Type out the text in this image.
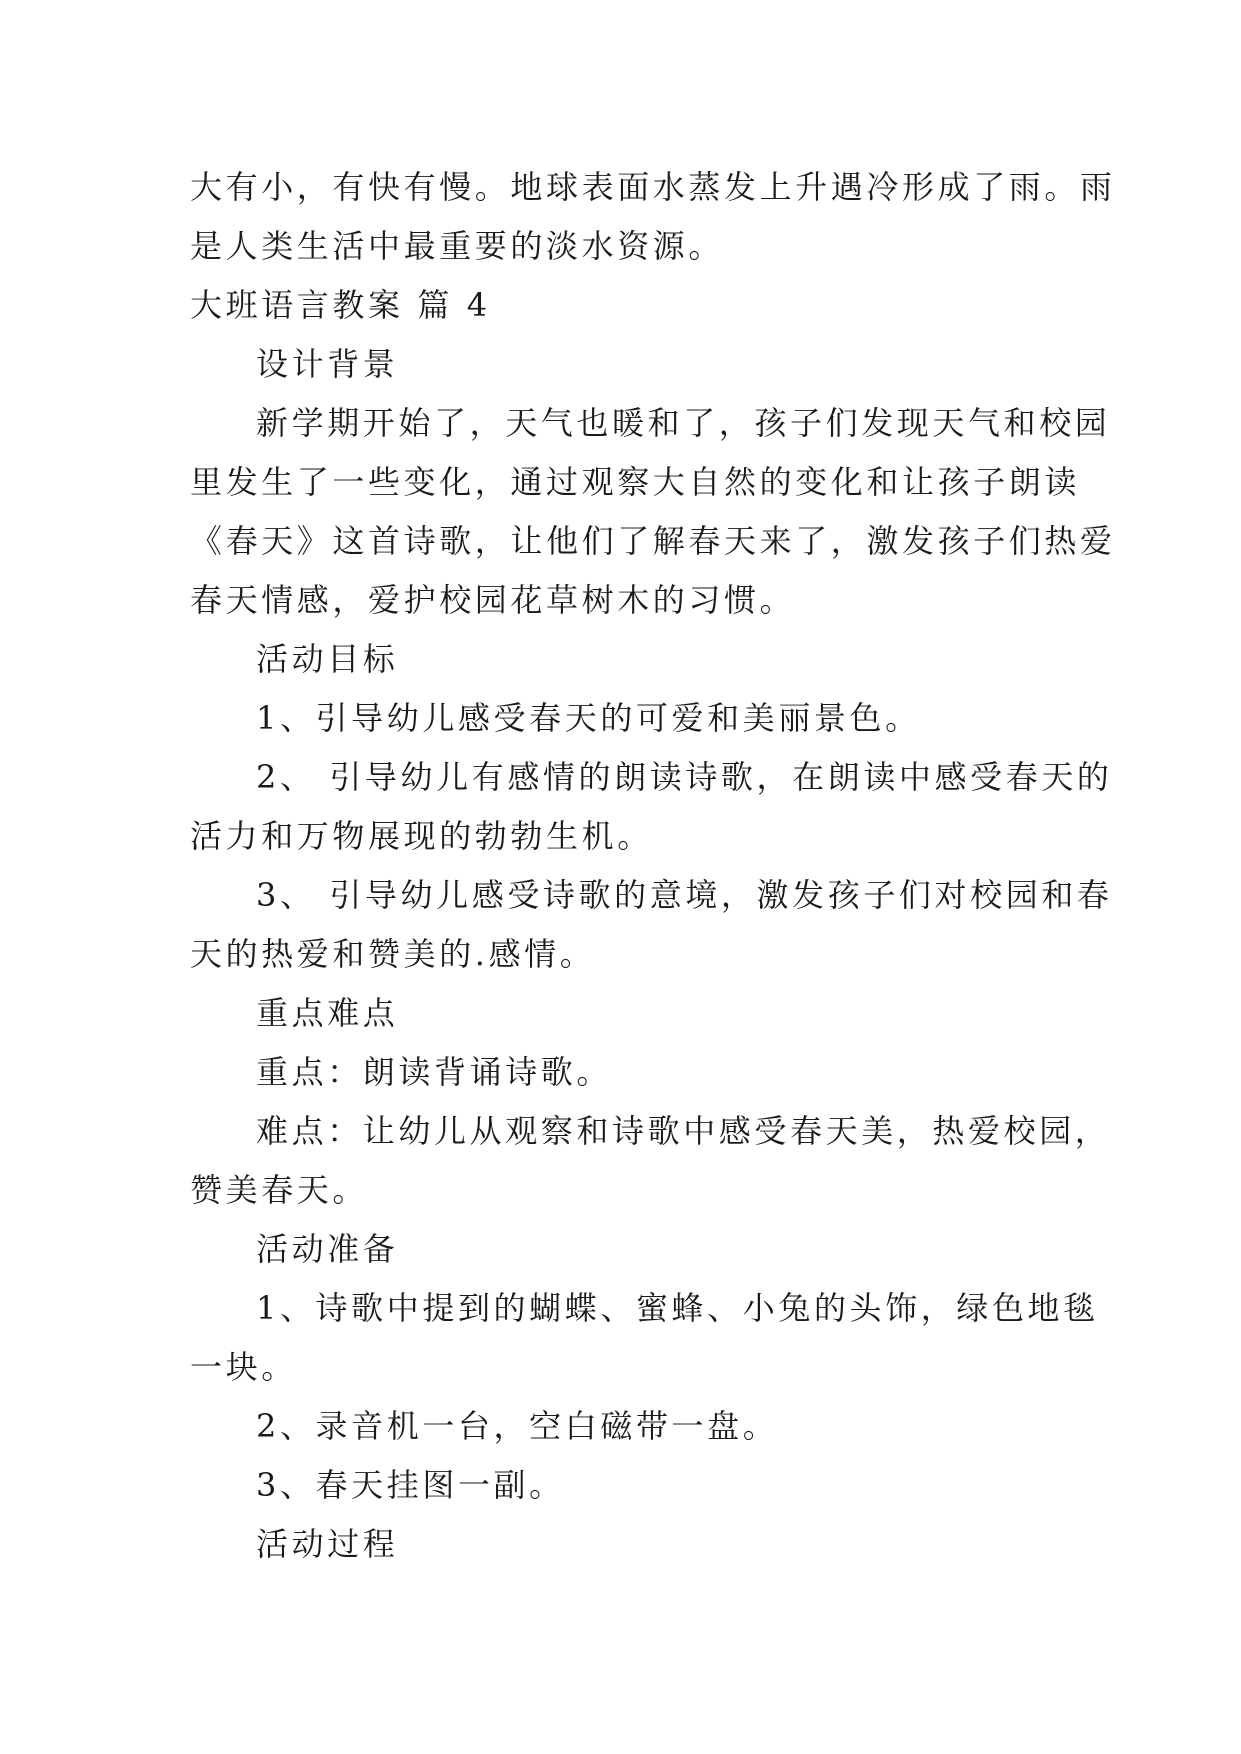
大有小，有快有慢。地球表面水蒸发上升遇冷形成了雨。雨
是人类生活中最重要的淡水资源。
大班语言教案 篇 4
设计背景
新学期开始了，天气也暖和了，孩子们发现天气和校园
里发生了一些变化，通过观察大自然的变化和让孩子朗读
《春天》这首诗歌，让他们了解春天来了，激发孩子们热爱
春天情感，爱护校园花草树木的习惯。
活动目标
1、引导幼儿感受春天的可爱和美丽景色。
2、 引导幼儿有感情的朗读诗歌，在朗读中感受春天的
活力和万物展现的勃勃生机。
3、 引导幼儿感受诗歌的意境，激发孩子们对校园和春
天的热爱和赞美的.感情。
重点难点
重点：朗读背诵诗歌。
难点：让幼儿从观察和诗歌中感受春天美，热爱校园，
赞美春天。
活动准备
1、诗歌中提到的蝴蝶、蜜蜂、小兔的头饰，绿色地毯
一块。
2、录音机一台，空白磁带一盘。
3、春天挂图一副。
活动过程
